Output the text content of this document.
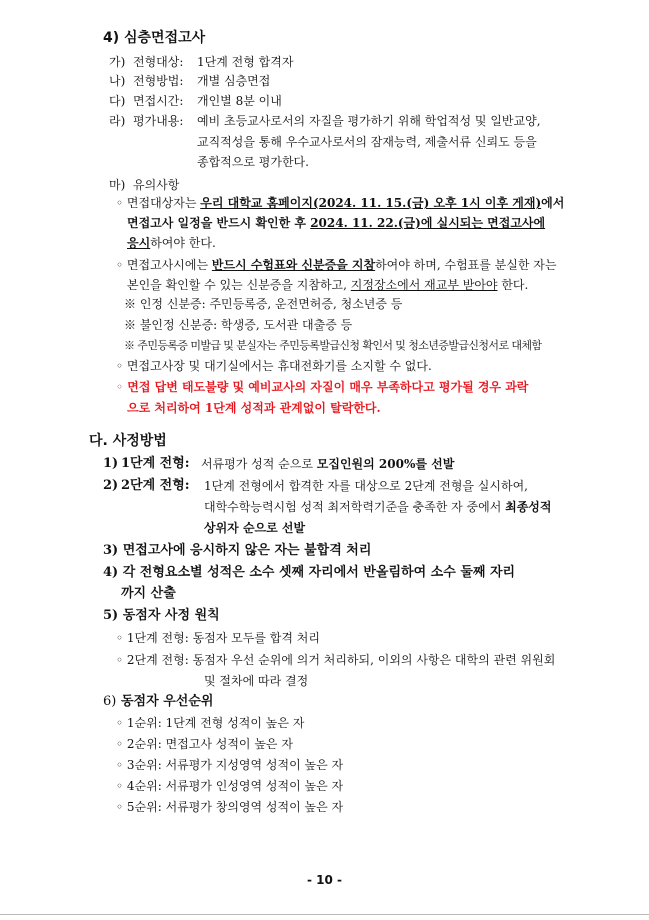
4) 심층면접고사
가) 전형대상: 1단계 전형 합격자
나) 전형방법: 개별 심층면접
다) 면접시간: 개인별 8분 이내
라) 평가내용: 예비 초등교사로서의 자질을 평가하기 위해 학업적성 및 일반교양,
교직적성을 통해 우수교사로서의 잠재능력, 제출서류 신뢰도 등을
종합적으로 평가한다.
마) 유의사항
◦ 면접대상자는 우리 대학교 홈페이지(2024. 11. 15.(금) 오후 1시 이후 게재)에서
면접고사 일정을 반드시 확인한 후 2024. 11. 22.(금)에 실시되는 면접고사에
응시하여야 한다.
◦ 면접고사시에는 반드시 수험표와 신분증을 지참하여야 하며, 수험표를 분실한 자는
본인을 확인할 수 있는 신분증을 지참하고, 지정장소에서 재교부 받아야 한다.
※ 인정 신분증: 주민등록증, 운전면허증, 청소년증 등
※ 불인정 신분증: 학생증, 도서관 대출증 등
※ 주민등록증 미발급 및 분실자는 주민등록발급신청 확인서 및 청소년증발급신청서로 대체함
◦ 면접고사장 및 대기실에서는 휴대전화기를 소지할 수 없다.
◦ 면접 답변 태도불량 및 예비교사의 자질이 매우 부족하다고 평가될 경우 과락
으로 처리하여 1단계 성적과 관계없이 탈락한다.
다. 사정방법
1) 1단계 전형: 서류평가 성적 순으로 모집인원의 200%를 선발
2) 2단계 전형: 1단계 전형에서 합격한 자를 대상으로 2단계 전형을 실시하여,
대학수학능력시험 성적 최저학력기준을 충족한 자 중에서 최종성적
상위자 순으로 선발
3) 면접고사에 응시하지 않은 자는 불합격 처리
4) 각 전형요소별 성적은 소수 셋째 자리에서 반올림하여 소수 둘째 자리
까지 산출
5) 동점자 사정 원칙
◦ 1단계 전형: 동점자 모두를 합격 처리
◦ 2단계 전형: 동점자 우선 순위에 의거 처리하되, 이외의 사항은 대학의 관련 위원회
및 절차에 따라 결정
6) 동점자 우선순위
◦ 1순위: 1단계 전형 성적이 높은 자
◦ 2순위: 면접고사 성적이 높은 자
◦ 3순위: 서류평가 지성영역 성적이 높은 자
◦ 4순위: 서류평가 인성영역 성적이 높은 자
◦ 5순위: 서류평가 창의영역 성적이 높은 자
- 10 -
